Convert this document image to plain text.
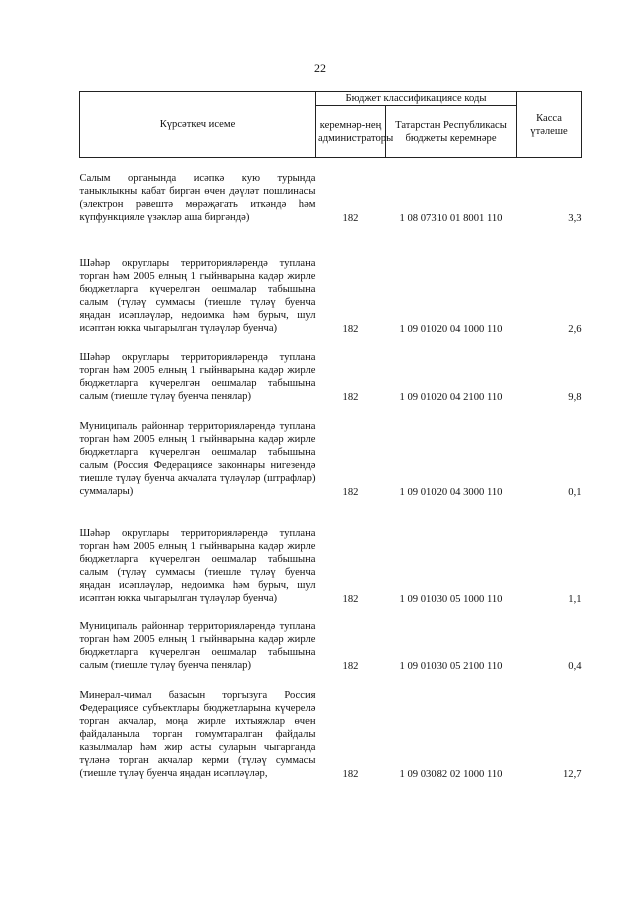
22
Күрсәткеч исеме	Бюджет классификациясе коды		Касса үтәлеше
	керемнәр-нең администраторы	Татарстан Республикасы бюджеты керемнәре	
Салым органында исәпкә кую турында таныклыкны кабат биргән өчен дәүләт пошлинасы (электрон рәвештә мөрәҗәгать иткәндә һәм күпфункцияле үзәкләр аша биргәндә)	182	1 08 07310 01 8001 110	3,3
Шәһәр округлары территорияләрендә туплана торган һәм 2005 елның 1 гыйнварына кадәр жирле бюджетларга күчерелгән оешмалар табышына салым (түләү суммасы (тиешле түләү буенча яңадан исәпләүләр, недоимка һәм бурыч, шул исәптән юкка чыгарылган түләүләр буенча)	182	1 09 01020 04 1000 110	2,6
Шәһәр округлары территорияләрендә туплана торган һәм 2005 елның 1 гыйнварына кадәр жирле бюджетларга күчерелгән оешмалар табышына салым (тиешле түләү буенча пенялар)	182	1 09 01020 04 2100 110	9,8
Муниципаль районнар территорияләрендә туплана торган һәм 2005 елның 1 гыйнварына кадәр жирле бюджетларга күчерелгән оешмалар табышына салым (Россия Федерациясе законнары нигезендә тиешле түләү буенча акчалата түләүләр (штрафлар) суммалары)	182	1 09 01020 04 3000 110	0,1
Шәһәр округлары территорияләрендә туплана торган һәм 2005 елның 1 гыйнварына кадәр жирле бюджетларга күчерелгән оешмалар табышына салым (түләү суммасы (тиешле түләү буенча яңадан исәпләүләр, недоимка һәм бурыч, шул исәптән юкка чыгарылган түләүләр буенча)	182	1 09 01030 05 1000 110	1,1
Муниципаль районнар территорияләрендә туплана торган һәм 2005 елның 1 гыйнварына кадәр жирле бюджетларга күчерелгән оешмалар табышына салым (тиешле түләү буенча пенялар)	182	1 09 01030 05 2100 110	0,4
Минерал-чимал базасын торгызуга Россия Федерациясе субъектлары бюджетларына күчерелә торган акчалар, моңа жирле ихтыяжлар өчен файдаланыла торган гомумтаралган файдалы казылмалар һәм жир асты суларын чыгарганда түләнә торган акчалар керми (түләү суммасы (тиешле түләү буенча яңадан исәпләүләр,	182	1 09 03082 02 1000 110	12,7
